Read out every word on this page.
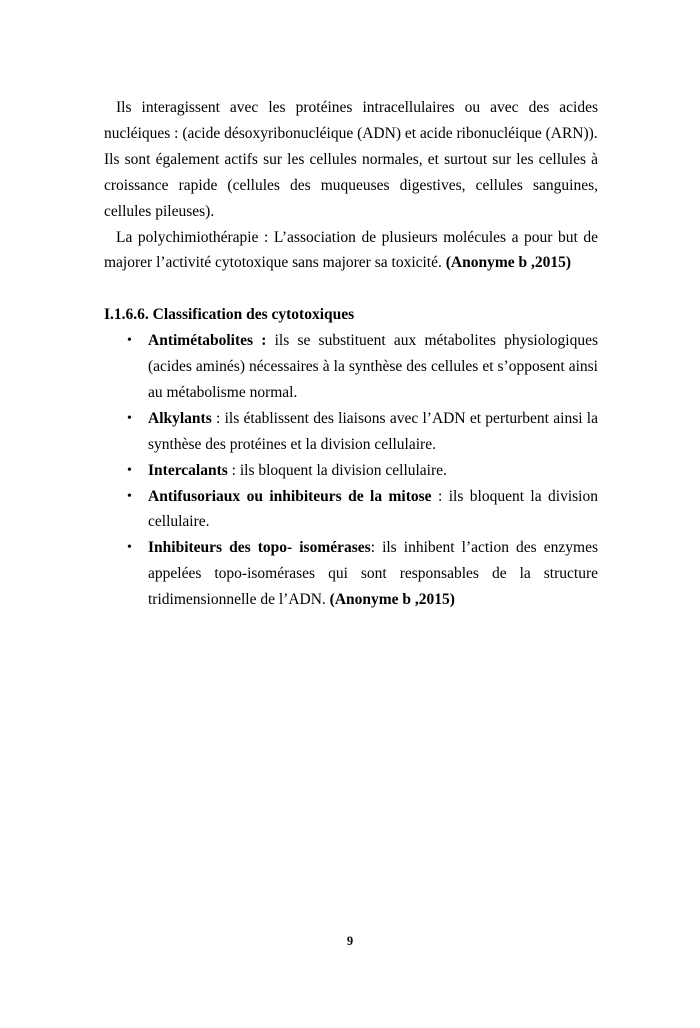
Ils interagissent avec les protéines intracellulaires ou avec des acides nucléiques : (acide désoxyribonucléique (ADN) et acide ribonucléique (ARN)).

Ils sont également actifs sur les cellules normales, et surtout sur les cellules à croissance rapide (cellules des muqueuses digestives, cellules sanguines, cellules pileuses).

La polychimiothérapie : L’association de plusieurs molécules a pour but de majorer l’activité cytotoxique sans majorer sa toxicité. (Anonyme b ,2015)

I.1.6.6. Classification des cytotoxiques

• Antimétabolites : ils se substituent aux métabolites physiologiques (acides aminés) nécessaires à la synthèse des cellules et s’opposent ainsi au métabolisme normal.
• Alkylants : ils établissent des liaisons avec l’ADN et perturbent ainsi la synthèse des protéines et la division cellulaire.
• Intercalants : ils bloquent la division cellulaire.
• Antifusoriaux ou inhibiteurs de la mitose : ils bloquent la division cellulaire.
• Inhibiteurs des topo- isomérases: ils inhibent l’action des enzymes appelées topo-isomérases qui sont responsables de la structure tridimensionnelle de l’ADN. (Anonyme b ,2015)
9
